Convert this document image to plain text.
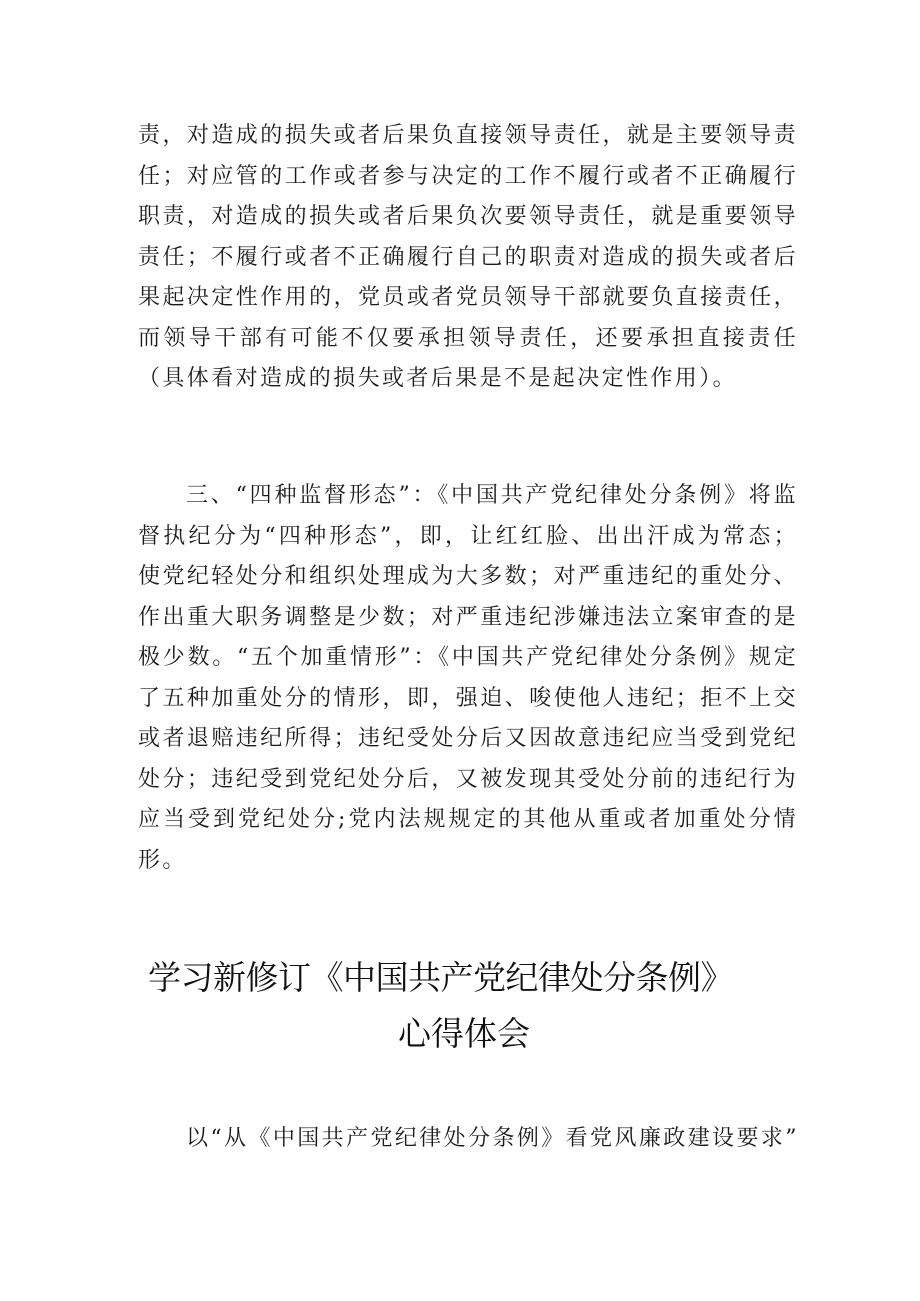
责，对造成的损失或者后果负直接领导责任，就是主要领导责任；对应管的工作或者参与决定的工作不履行或者不正确履行职责，对造成的损失或者后果负次要领导责任，就是重要领导责任；不履行或者不正确履行自己的职责对造成的损失或者后果起决定性作用的，党员或者党员领导干部就要负直接责任，而领导干部有可能不仅要承担领导责任，还要承担直接责任（具体看对造成的损失或者后果是不是起决定性作用）。

三、“四种监督形态”：《中国共产党纪律处分条例》将监督执纪分为“四种形态”，即，让红红脸、出出汗成为常态；使党纪轻处分和组织处理成为大多数；对严重违纪的重处分、作出重大职务调整是少数；对严重违纪涉嫌违法立案审查的是极少数。“五个加重情形”：《中国共产党纪律处分条例》规定了五种加重处分的情形，即，强迫、唆使他人违纪；拒不上交或者退赔违纪所得；违纪受处分后又因故意违纪应当受到党纪处分；违纪受到党纪处分后，又被发现其受处分前的违纪行为应当受到党纪处分;党内法规规定的其他从重或者加重处分情形。

学习新修订《中国共产党纪律处分条例》
心得体会

以“从《中国共产党纪律处分条例》看党风廉政建设要求”
